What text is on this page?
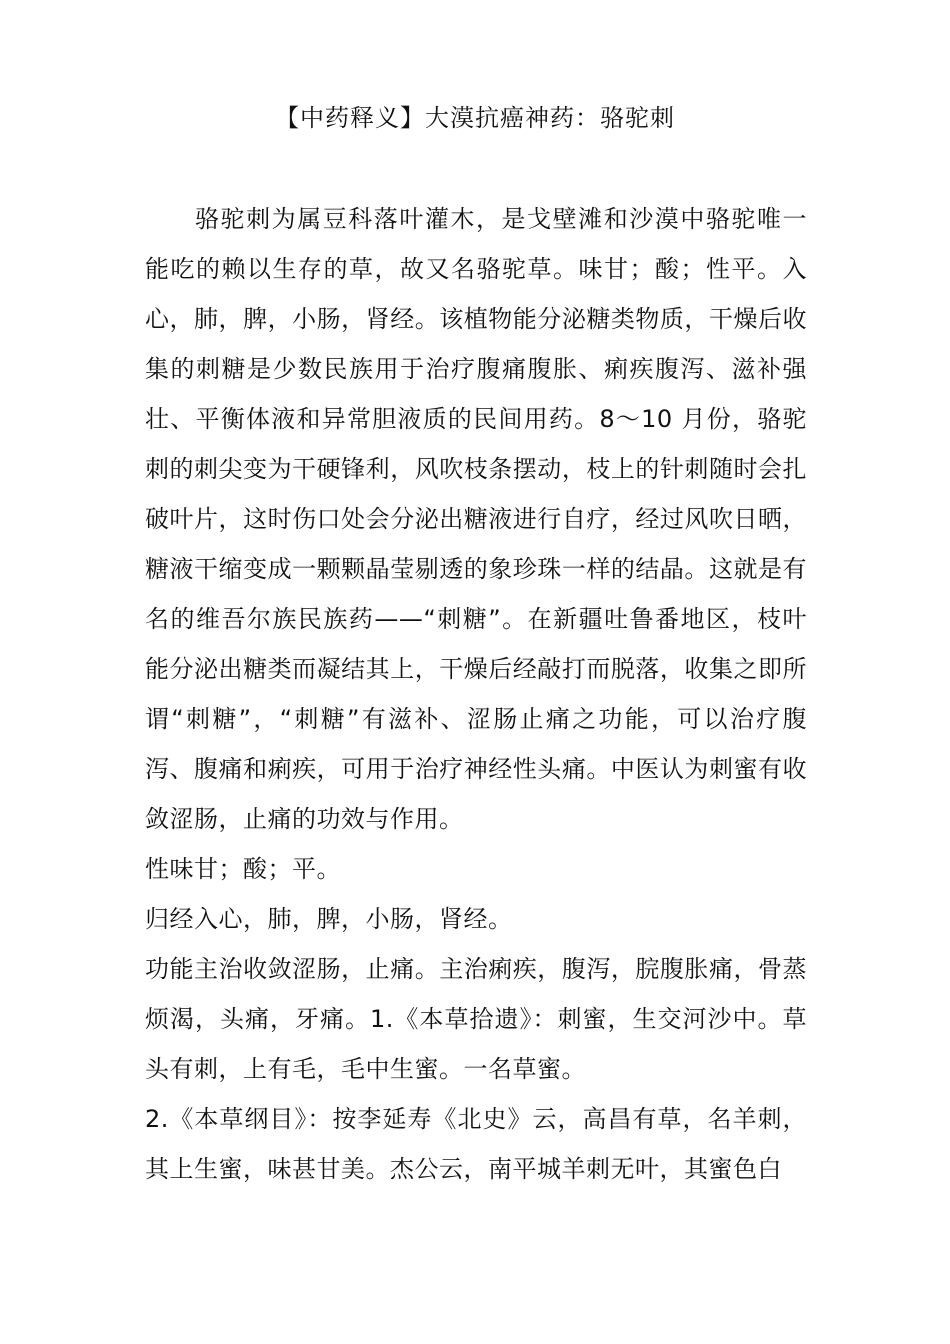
【中药释义】大漠抗癌神药：骆驼刺

骆驼刺为属豆科落叶灌木，是戈壁滩和沙漠中骆驼唯一能吃的赖以生存的草，故又名骆驼草。味甘；酸；性平。入心，肺，脾，小肠，肾经。该植物能分泌糖类物质，干燥后收集的刺糖是少数民族用于治疗腹痛腹胀、痢疾腹泻、滋补强壮、平衡体液和异常胆液质的民间用药。8～10 月份，骆驼刺的刺尖变为干硬锋利，风吹枝条摆动，枝上的针刺随时会扎破叶片，这时伤口处会分泌出糖液进行自疗，经过风吹日晒，糖液干缩变成一颗颗晶莹剔透的象珍珠一样的结晶。这就是有名的维吾尔族民族药——“刺糖”。在新疆吐鲁番地区，枝叶能分泌出糖类而凝结其上，干燥后经敲打而脱落，收集之即所谓“刺糖”，“刺糖”有滋补、涩肠止痛之功能，可以治疗腹泻、腹痛和痢疾，可用于治疗神经性头痛。中医认为刺蜜有收敛涩肠，止痛的功效与作用。

性味甘；酸；平。

归经入心，肺，脾，小肠，肾经。

功能主治收敛涩肠，止痛。主治痢疾，腹泻，脘腹胀痛，骨蒸烦渴，头痛，牙痛。1.《本草拾遗》：刺蜜，生交河沙中。草头有刺，上有毛，毛中生蜜。一名草蜜。

2.《本草纲目》：按李延寿《北史》云，高昌有草，名羊刺，其上生蜜，味甚甘美。杰公云，南平城羊刺无叶，其蜜色白
